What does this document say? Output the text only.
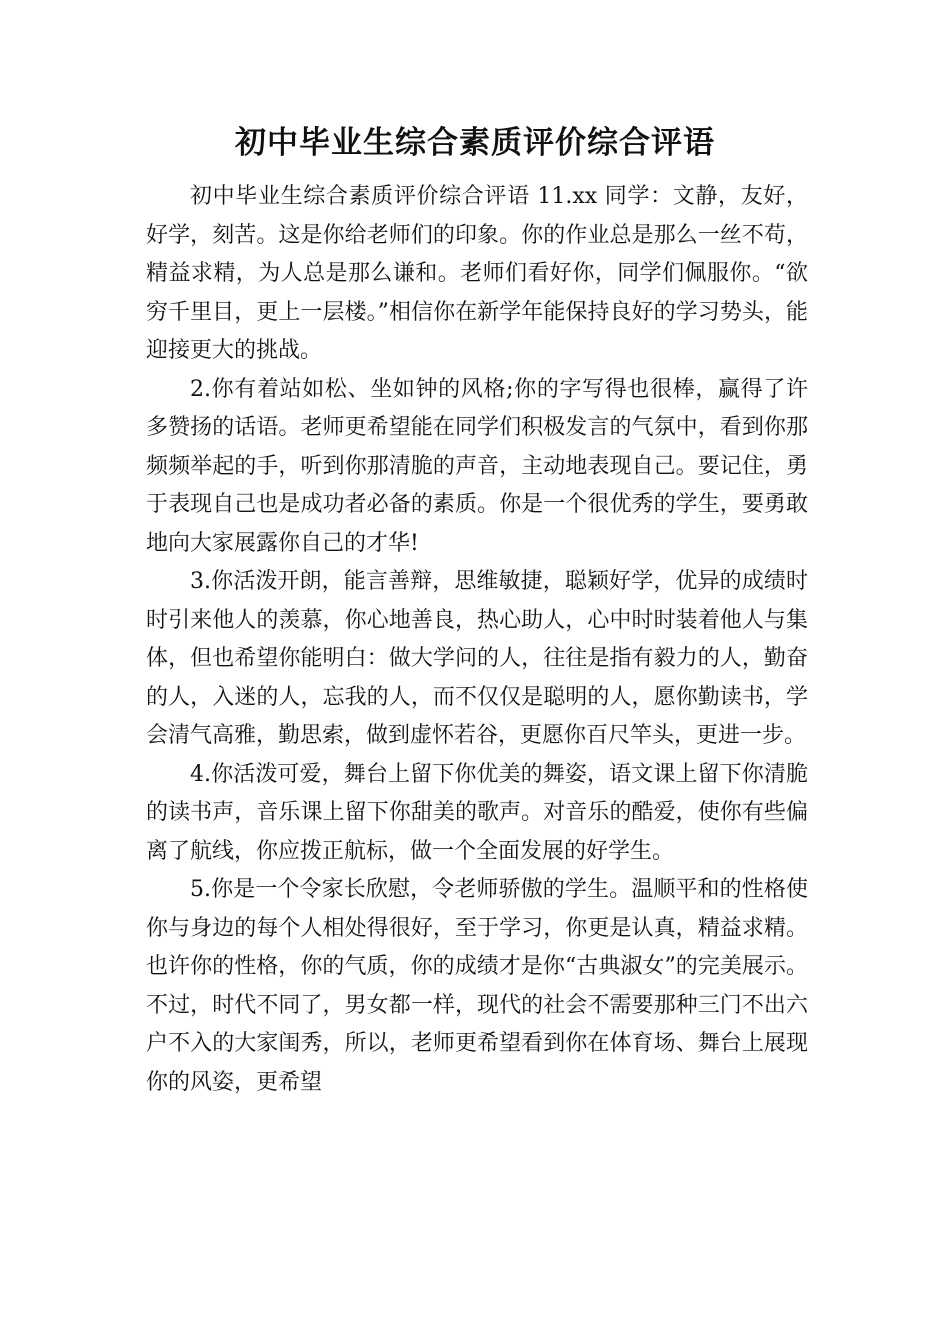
初中毕业生综合素质评价综合评语

初中毕业生综合素质评价综合评语 11.xx 同学：文静，友好，好学，刻苦。这是你给老师们的印象。你的作业总是那么一丝不苟，精益求精，为人总是那么谦和。老师们看好你，同学们佩服你。“欲穷千里目，更上一层楼。”相信你在新学年能保持良好的学习势头，能迎接更大的挑战。

2.你有着站如松、坐如钟的风格;你的字写得也很棒，赢得了许多赞扬的话语。老师更希望能在同学们积极发言的气氛中，看到你那频频举起的手，听到你那清脆的声音，主动地表现自己。要记住，勇于表现自己也是成功者必备的素质。你是一个很优秀的学生，要勇敢地向大家展露你自己的才华!

3.你活泼开朗，能言善辩，思维敏捷，聪颖好学，优异的成绩时时引来他人的羡慕，你心地善良，热心助人，心中时时装着他人与集体，但也希望你能明白：做大学问的人，往往是指有毅力的人，勤奋的人，入迷的人，忘我的人，而不仅仅是聪明的人，愿你勤读书，学会清气高雅，勤思索，做到虚怀若谷，更愿你百尺竿头，更进一步。

4.你活泼可爱，舞台上留下你优美的舞姿，语文课上留下你清脆的读书声，音乐课上留下你甜美的歌声。对音乐的酷爱，使你有些偏离了航线，你应拨正航标，做一个全面发展的好学生。

5.你是一个令家长欣慰，令老师骄傲的学生。温顺平和的性格使你与身边的每个人相处得很好，至于学习，你更是认真，精益求精。也许你的性格，你的气质，你的成绩才是你“古典淑女”的完美展示。不过，时代不同了，男女都一样，现代的社会不需要那种三门不出六户不入的大家闺秀，所以，老师更希望看到你在体育场、舞台上展现你的风姿，更希望
